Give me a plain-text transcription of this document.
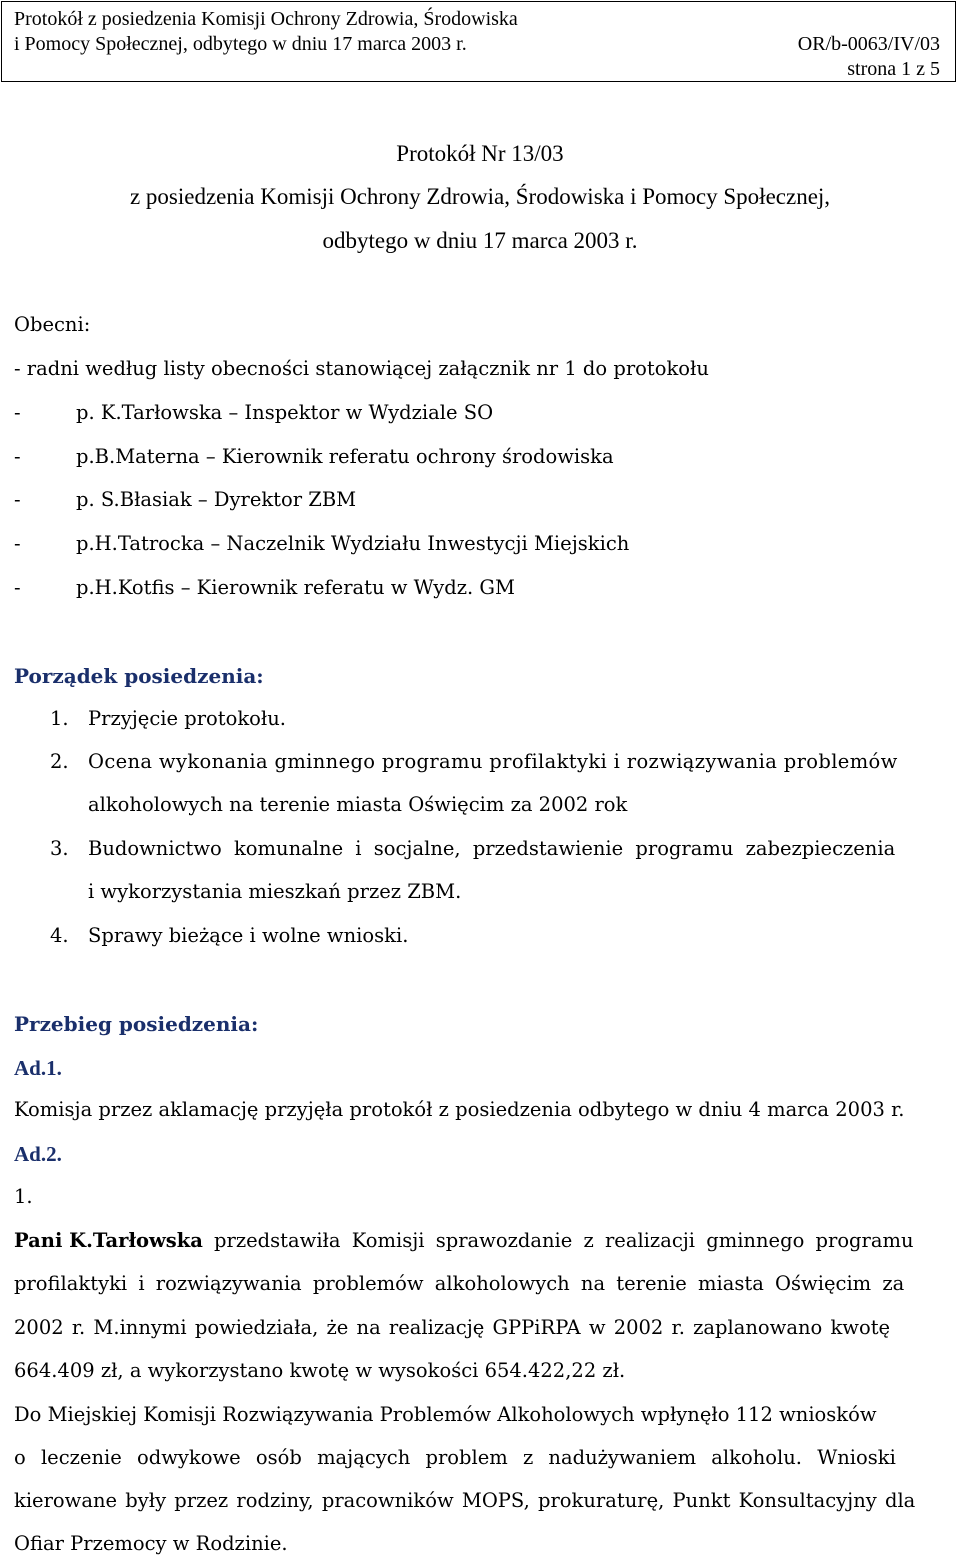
Protokół z posiedzenia Komisji Ochrony Zdrowia, Środowiska
i Pomocy Społecznej, odbytego w dniu 17 marca 2003 r.	OR/b-0063/IV/03
strona 1 z 5
Protokół Nr 13/03
z posiedzenia Komisji Ochrony Zdrowia, Środowiska i Pomocy Społecznej,
odbytego w dniu 17 marca 2003 r.
Obecni:
- radni według listy obecności stanowiącej załącznik nr 1 do protokołu
-	p. K.Tarłowska – Inspektor w Wydziale SO
-	p.B.Materna – Kierownik referatu ochrony środowiska
-	p. S.Błasiak – Dyrektor ZBM
-	p.H.Tatrocka – Naczelnik Wydziału Inwestycji Miejskich
-	p.H.Kotfis – Kierownik referatu w Wydz. GM
Porządek posiedzenia:
1. Przyjęcie protokołu.
2. Ocena wykonania gminnego programu profilaktyki i rozwiązywania problemów
alkoholowych na terenie miasta Oświęcim za 2002 rok
3. Budownictwo komunalne i socjalne, przedstawienie programu zabezpieczenia
i wykorzystania mieszkań przez ZBM.
4. Sprawy bieżące i wolne wnioski.
Przebieg posiedzenia:
Ad.1.
Komisja przez aklamację przyjęła protokół z posiedzenia odbytego w dniu 4 marca 2003 r.
Ad.2.
1.
Pani K.Tarłowska przedstawiła Komisji sprawozdanie z realizacji gminnego programu
profilaktyki i rozwiązywania problemów alkoholowych na terenie miasta Oświęcim za
2002 r. M.innymi powiedziała, że na realizację GPPiRPA w 2002 r. zaplanowano kwotę
664.409 zł, a wykorzystano kwotę w wysokości 654.422,22 zł.
Do Miejskiej Komisji Rozwiązywania Problemów Alkoholowych wpłynęło 112 wniosków
o leczenie odwykowe osób mających problem z nadużywaniem alkoholu. Wnioski
kierowane były przez rodziny, pracowników MOPS, prokuraturę, Punkt Konsultacyjny dla
Ofiar Przemocy w Rodzinie.
